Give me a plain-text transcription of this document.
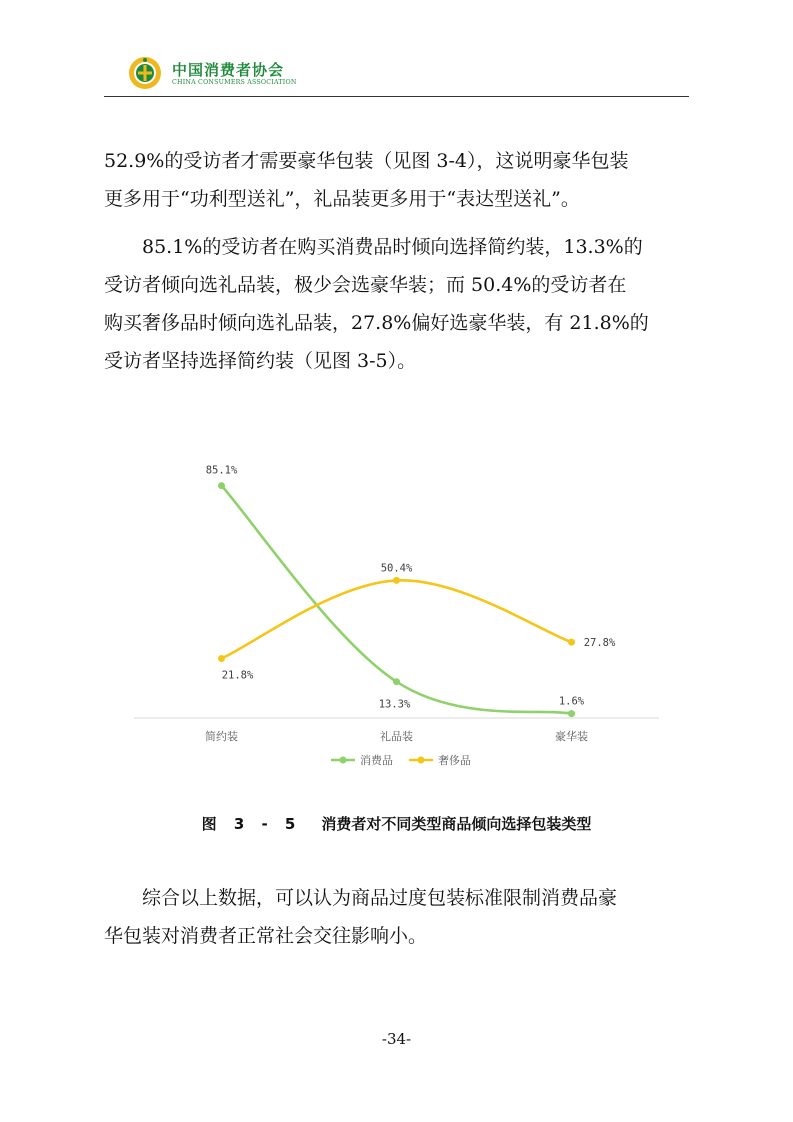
中国消费者协会
CHINA CONSUMERS ASSOCIATION

52.9%的受访者才需要豪华包装（见图 3-4），这说明豪华包装
更多用于“功利型送礼”，礼品装更多用于“表达型送礼”。

　　85.1%的受访者在购买消费品时倾向选择简约装，13.3%的
受访者倾向选礼品装，极少会选豪华装；而 50.4%的受访者在
购买奢侈品时倾向选礼品装，27.8%偏好选豪华装，有 21.8%的
受访者坚持选择简约装（见图 3-5）。

简约装	礼品装	豪华装
85.1%
13.3%	1.6%
21.8%
50.4%
27.8%
消费品	奢侈品
图 3 - 5 消费者对不同类型商品倾向选择包装类型

　　综合以上数据，可以认为商品过度包装标准限制消费品豪
华包装对消费者正常社会交往影响小。

-34-
